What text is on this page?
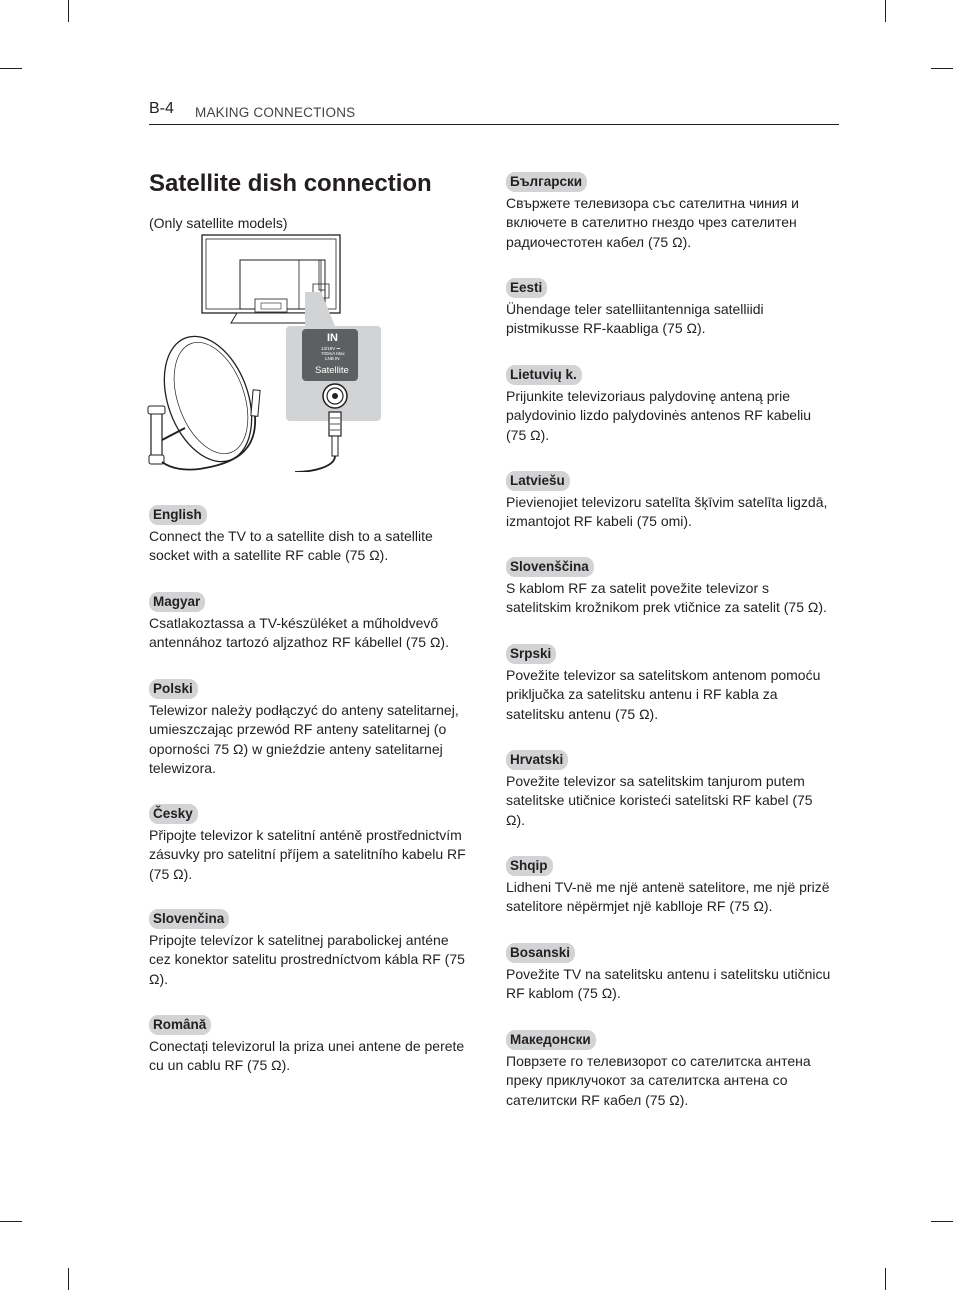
B-4 MAKING CONNECTIONS
Satellite dish connection
(Only satellite models)
IN
13/18V ⎓
700mA Max
LNB IN
Satellite
English
Connect the TV to a satellite dish to a satellite socket with a satellite RF cable (75 Ω).
Magyar
Csatlakoztassa a TV-készüléket a műholdvevő antennához tartozó aljzathoz RF kábellel (75 Ω).
Polski
Telewizor należy podłączyć do anteny satelitarnej, umieszczając przewód RF anteny satelitarnej (o oporności 75 Ω) w gnieździe anteny satelitarnej telewizora.
Česky
Připojte televizor k satelitní anténě prostřednictvím zásuvky pro satelitní příjem a satelitního kabelu RF (75 Ω).
Slovenčina
Pripojte televízor k satelitnej parabolickej anténe cez konektor satelitu prostredníctvom kábla RF (75 Ω).
Română
Conectați televizorul la priza unei antene de perete cu un cablu RF (75 Ω).
Български
Свържете телевизора със сателитна чиния и включете в сателитно гнездо чрез сателитен радиочестотен кабел (75 Ω).
Eesti
Ühendage teler satelliitantenniga satelliidi pistmikusse RF-kaabliga (75 Ω).
Lietuvių k.
Prijunkite televizoriaus palydovinę anteną prie palydovinio lizdo palydovinės antenos RF kabeliu (75 Ω).
Latviešu
Pievienojiet televizoru satelīta šķīvim satelīta ligzdā, izmantojot RF kabeli (75 omi).
Slovenščina
S kablom RF za satelit povežite televizor s satelitskim krožnikom prek vtičnice za satelit (75 Ω).
Srpski
Povežite televizor sa satelitskom antenom pomoću priključka za satelitsku antenu i RF kabla za satelitsku antenu (75 Ω).
Hrvatski
Povežite televizor sa satelitskim tanjurom putem satelitske utičnice koristeći satelitski RF kabel (75 Ω).
Shqip
Lidheni TV-në me një antenë satelitore, me një prizë satelitore nëpërmjet një kablloje RF (75 Ω).
Bosanski
Povežite TV na satelitsku antenu i satelitsku utičnicu RF kablom (75 Ω).
Македонски
Поврзете го телевизорот со сателитска антена преку приклучокот за сателитска антена со сателитски RF кабел (75 Ω).
